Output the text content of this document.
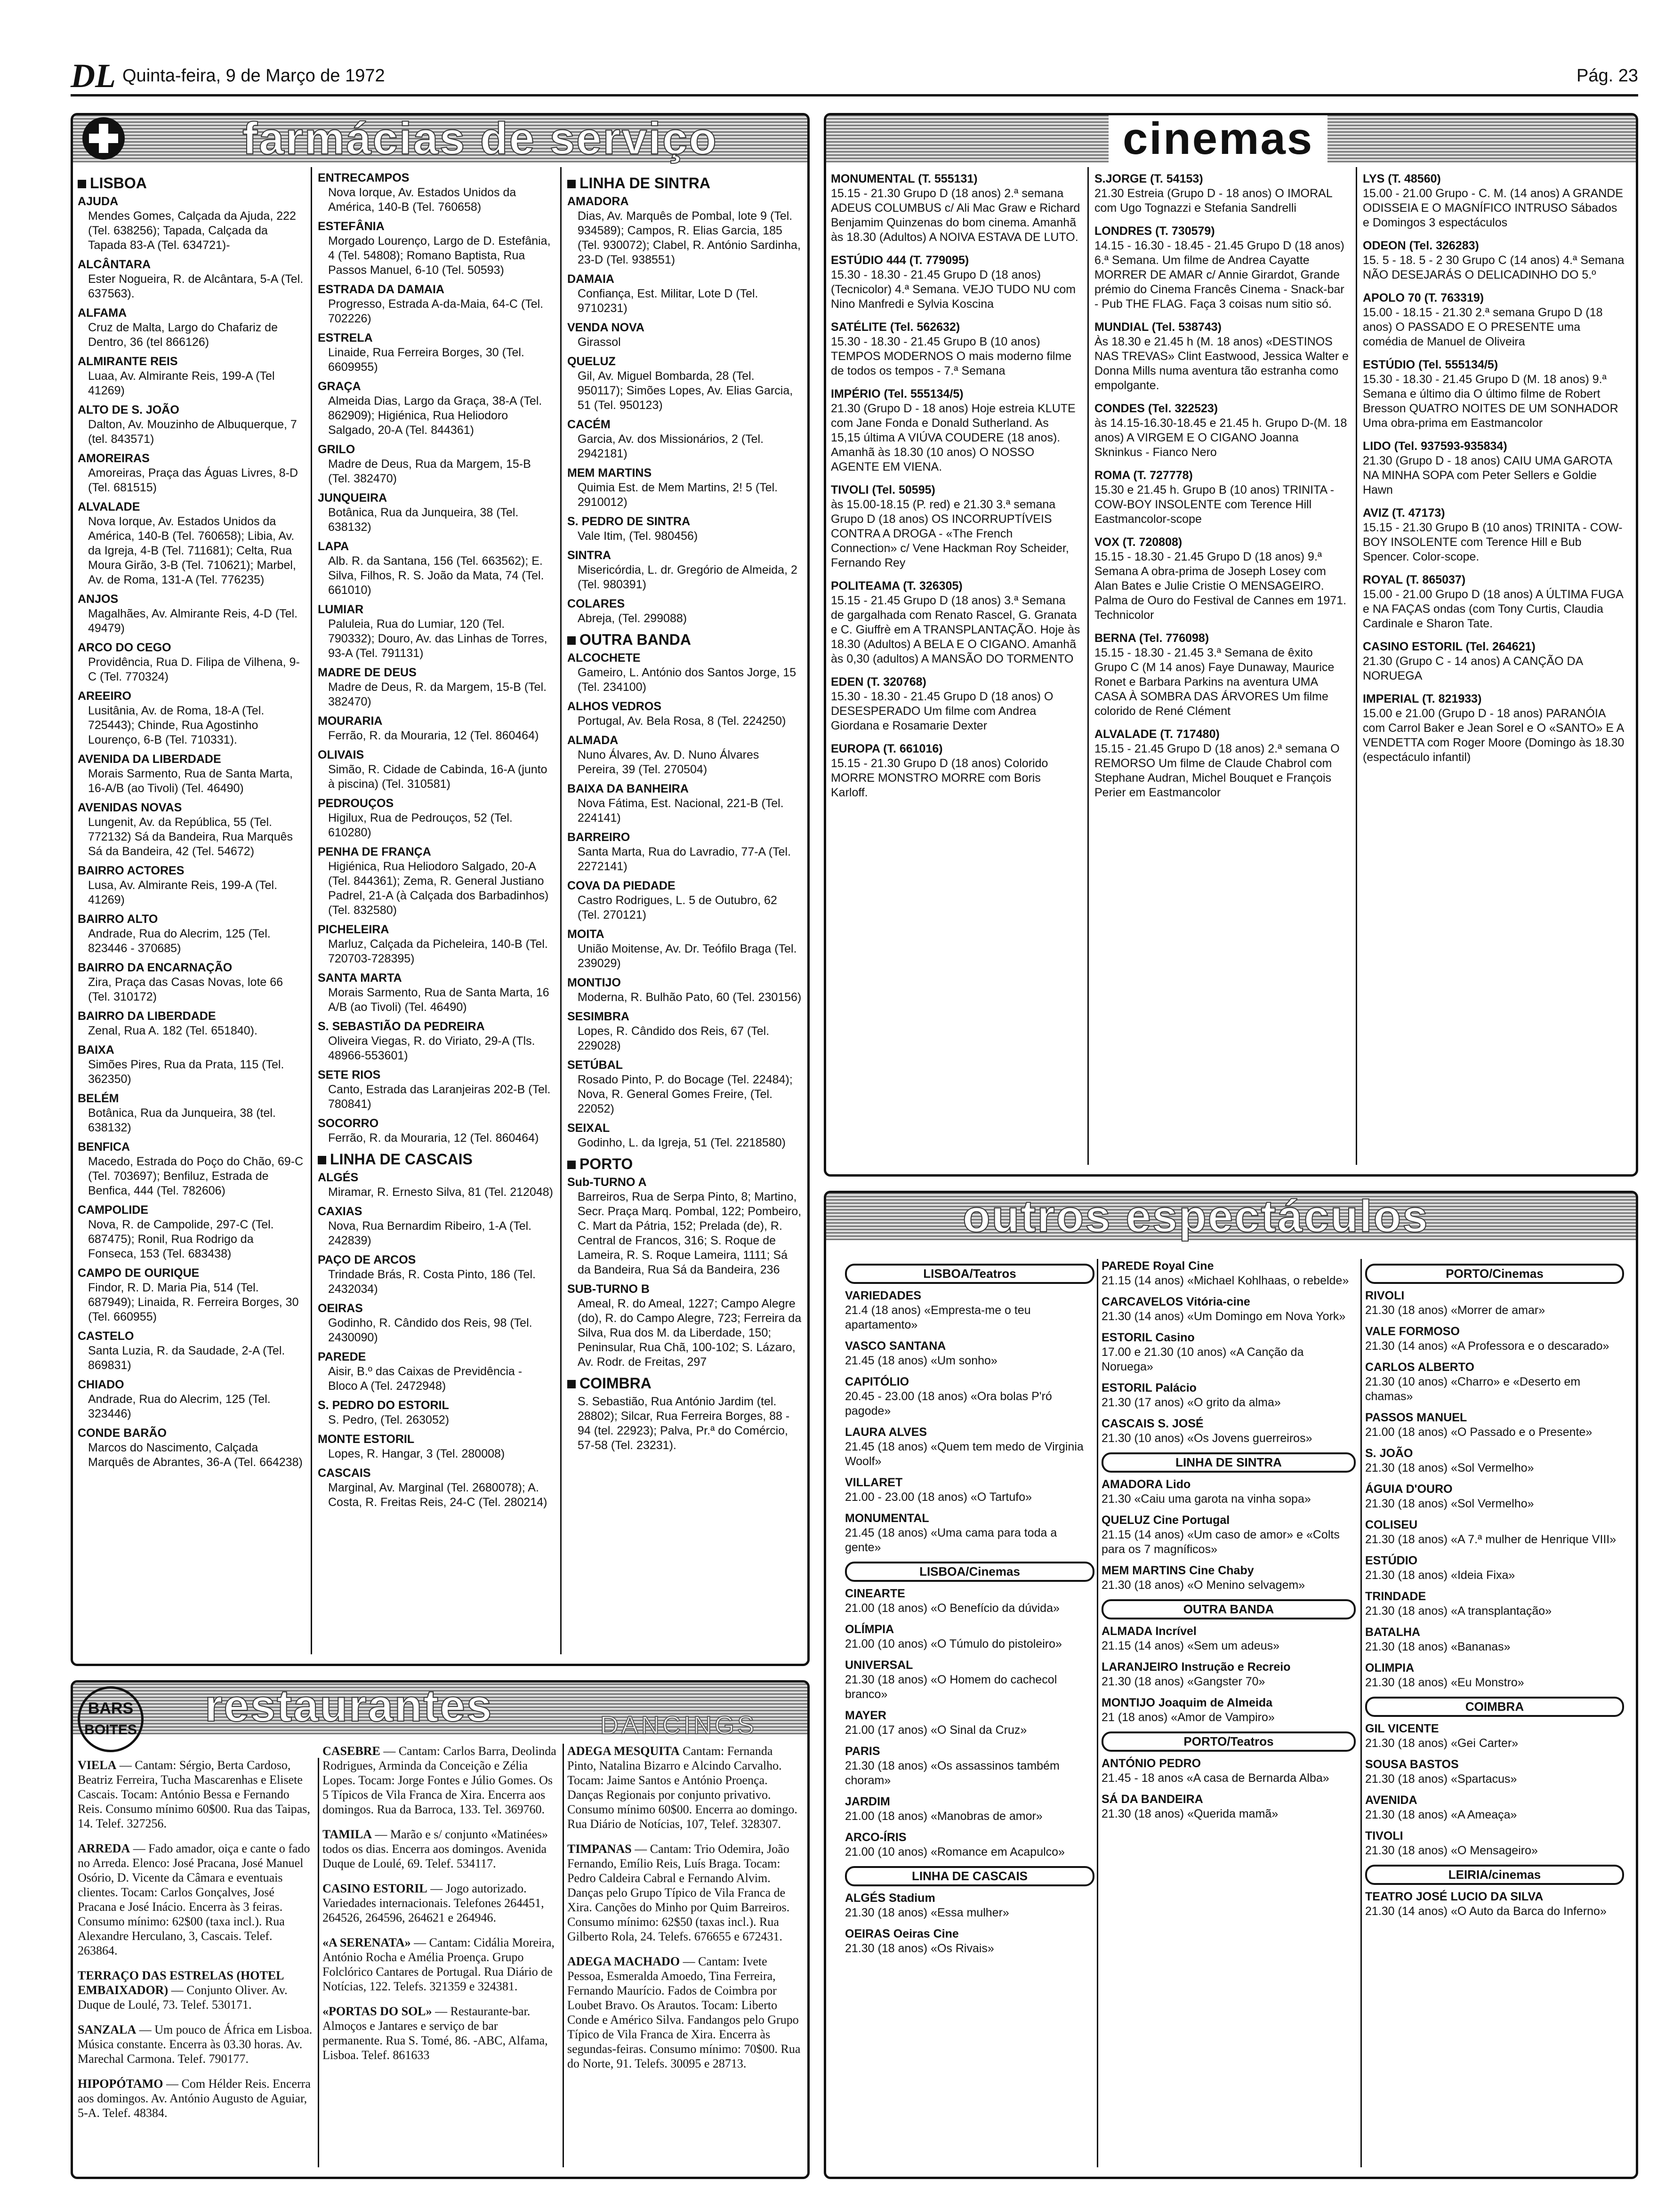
DL Quinta-feira, 9 de Março de 1972	Pág. 23
farmácias de serviço
LISBOA
AJUDA

Mendes Gomes, Calçada da Ajuda, 222 (Tel. 638256); Tapada, Calçada da Tapada 83-A (Tel. 634721)-

ALCÂNTARA

Ester Nogueira, R. de Alcântara, 5-A (Tel. 637563).

ALFAMA

Cruz de Malta, Largo do Chafariz de Dentro, 36 (tel 866126)

ALMIRANTE REIS

Luaa, Av. Almirante Reis, 199-A (Tel 41269)

ALTO DE S. JOÃO

Dalton, Av. Mouzinho de Albuquerque, 7 (tel. 843571)

AMOREIRAS

Amoreiras, Praça das Águas Livres, 8-D (Tel. 681515)

ALVALADE

Nova Iorque, Av. Estados Unidos da América, 140-B (Tel. 760658); Libia, Av. da Igreja, 4-B (Tel. 711681); Celta, Rua Moura Girão, 3-B (Tel. 710621); Marbel, Av. de Roma, 131-A (Tel. 776235)

ANJOS

Magalhães, Av. Almirante Reis, 4-D (Tel. 49479)

ARCO DO CEGO

Providência, Rua D. Filipa de Vilhena, 9-C (Tel. 770324)

AREEIRO

Lusitânia, Av. de Roma, 18-A (Tel. 725443); Chinde, Rua Agostinho Lourenço, 6-B (Tel. 710331).

AVENIDA DA LIBERDADE

Morais Sarmento, Rua de Santa Marta, 16-A/B (ao Tivoli) (Tel. 46490)

AVENIDAS NOVAS

Lungenit, Av. da República, 55 (Tel. 772132) Sá da Bandeira, Rua Marquês Sá da Bandeira, 42 (Tel. 54672)

BAIRRO ACTORES

Lusa, Av. Almirante Reis, 199-A (Tel. 41269)

BAIRRO ALTO

Andrade, Rua do Alecrim, 125 (Tel. 823446 - 370685)

BAIRRO DA ENCARNAÇÃO

Zira, Praça das Casas Novas, lote 66 (Tel. 310172)

BAIRRO DA LIBERDADE

Zenal, Rua A. 182 (Tel. 651840).

BAIXA

Simões Pires, Rua da Prata, 115 (Tel. 362350)

BELÉM

Botânica, Rua da Junqueira, 38 (tel. 638132)

BENFICA

Macedo, Estrada do Poço do Chão, 69-C (Tel. 703697); Benfiluz, Estrada de Benfica, 444 (Tel. 782606)

CAMPOLIDE

Nova, R. de Campolide, 297-C (Tel. 687475); Ronil, Rua Rodrigo da Fonseca, 153 (Tel. 683438)

CAMPO DE OURIQUE

Findor, R. D. Maria Pia, 514 (Tel. 687949); Linaida, R. Ferreira Borges, 30 (Tel. 660955)

CASTELO

Santa Luzia, R. da Saudade, 2-A (Tel. 869831)

CHIADO

Andrade, Rua do Alecrim, 125 (Tel. 323446)

CONDE BARÃO

Marcos do Nascimento, Calçada Marquês de Abrantes, 36-A (Tel. 664238)

ENTRECAMPOS

Nova Iorque, Av. Estados Unidos da América, 140-B (Tel. 760658)

ESTEFÂNIA

Morgado Lourenço, Largo de D. Estefânia, 4 (Tel. 54808); Romano Baptista, Rua Passos Manuel, 6-10 (Tel. 50593)

ESTRADA DA DAMAIA

Progresso, Estrada A-da-Maia, 64-C (Tel. 702226)

ESTRELA

Linaide, Rua Ferreira Borges, 30 (Tel. 6609955)

GRAÇA

Almeida Dias, Largo da Graça, 38-A (Tel. 862909); Higiénica, Rua Heliodoro Salgado, 20-A (Tel. 844361)

GRILO

Madre de Deus, Rua da Margem, 15-B (Tel. 382470)

JUNQUEIRA

Botânica, Rua da Junqueira, 38 (Tel. 638132)

LAPA

Alb. R. da Santana, 156 (Tel. 663562); E. Silva, Filhos, R. S. João da Mata, 74 (Tel. 661010)

LUMIAR

Paluleia, Rua do Lumiar, 120 (Tel. 790332); Douro, Av. das Linhas de Torres, 93-A (Tel. 791131)

MADRE DE DEUS

Madre de Deus, R. da Margem, 15-B (Tel. 382470)

MOURARIA

Ferrão, R. da Mouraria, 12 (Tel. 860464)

OLIVAIS

Simão, R. Cidade de Cabinda, 16-A (junto à piscina) (Tel. 310581)

PEDROUÇOS

Higilux, Rua de Pedrouços, 52 (Tel. 610280)

PENHA DE FRANÇA

Higiénica, Rua Heliodoro Salgado, 20-A (Tel. 844361); Zema, R. General Justiano Padrel, 21-A (à Calçada dos Barbadinhos) (Tel. 832580)

PICHELEIRA

Marluz, Calçada da Picheleira, 140-B (Tel. 720703-728395)

SANTA MARTA

Morais Sarmento, Rua de Santa Marta, 16 A/B (ao Tivoli) (Tel. 46490)

S. SEBASTIÃO DA PEDREIRA

Oliveira Viegas, R. do Viriato, 29-A (Tls. 48966-553601)

SETE RIOS

Canto, Estrada das Laranjeiras 202-B (Tel. 780841)

SOCORRO

Ferrão, R. da Mouraria, 12 (Tel. 860464)

LINHA DE CASCAIS
ALGÉS

Miramar, R. Ernesto Silva, 81 (Tel. 212048)

CAXIAS

Nova, Rua Bernardim Ribeiro, 1-A (Tel. 242839)

PAÇO DE ARCOS

Trindade Brás, R. Costa Pinto, 186 (Tel. 2432034)

OEIRAS

Godinho, R. Cândido dos Reis, 98 (Tel. 2430090)

PAREDE

Aisir, B.º das Caixas de Previdência - Bloco A (Tel. 2472948)

S. PEDRO DO ESTORIL

S. Pedro, (Tel. 263052)

MONTE ESTORIL

Lopes, R. Hangar, 3 (Tel. 280008)

CASCAIS

Marginal, Av. Marginal (Tel. 2680078); A. Costa, R. Freitas Reis, 24-C (Tel. 280214)

LINHA DE SINTRA
AMADORA

Dias, Av. Marquês de Pombal, lote 9 (Tel. 934589); Campos, R. Elias Garcia, 185 (Tel. 930072); Clabel, R. António Sardinha, 23-D (Tel. 938551)

DAMAIA

Confiança, Est. Militar, Lote D (Tel. 9710231)

VENDA NOVA

Girassol

QUELUZ

Gil, Av. Miguel Bombarda, 28 (Tel. 950117); Simões Lopes, Av. Elias Garcia, 51 (Tel. 950123)

CACÉM

Garcia, Av. dos Missionários, 2 (Tel. 2942181)

MEM MARTINS

Quimia Est. de Mem Martins, 2! 5 (Tel. 2910012)

S. PEDRO DE SINTRA

Vale Itim, (Tel. 980456)

SINTRA

Misericórdia, L. dr. Gregório de Almeida, 2 (Tel. 980391)

COLARES

Abreja, (Tel. 299088)

OUTRA BANDA
ALCOCHETE

Gameiro, L. António dos Santos Jorge, 15 (Tel. 234100)

ALHOS VEDROS

Portugal, Av. Bela Rosa, 8 (Tel. 224250)

ALMADA

Nuno Álvares, Av. D. Nuno Álvares Pereira, 39 (Tel. 270504)

BAIXA DA BANHEIRA

Nova Fátima, Est. Nacional, 221-B (Tel. 224141)

BARREIRO

Santa Marta, Rua do Lavradio, 77-A (Tel. 2272141)

COVA DA PIEDADE

Castro Rodrigues, L. 5 de Outubro, 62 (Tel. 270121)

MOITA

União Moitense, Av. Dr. Teófilo Braga (Tel. 239029)

MONTIJO

Moderna, R. Bulhão Pato, 60 (Tel. 230156)

SESIMBRA

Lopes, R. Cândido dos Reis, 67 (Tel. 229028)

SETÚBAL

Rosado Pinto, P. do Bocage (Tel. 22484); Nova, R. General Gomes Freire, (Tel. 22052)

SEIXAL

Godinho, L. da Igreja, 51 (Tel. 2218580)

PORTO
Sub-TURNO A

Barreiros, Rua de Serpa Pinto, 8; Martino, Secr. Praça Marq. Pombal, 122; Pombeiro, C. Mart da Pátria, 152; Prelada (de), R. Central de Francos, 316; S. Roque de Lameira, R. S. Roque Lameira, 1111; Sá da Bandeira, Rua Sá da Bandeira, 236

SUB-TURNO B

Ameal, R. do Ameal, 1227; Campo Alegre (do), R. do Campo Alegre, 723; Ferreira da Silva, Rua dos M. da Liberdade, 150; Peninsular, Rua Chã, 100-102; S. Lázaro, Av. Rodr. de Freitas, 297

COIMBRA

S. Sebastião, Rua António Jardim (tel. 28802); Silcar, Rua Ferreira Borges, 88 - 94 (tel. 22923); Palva, Pr.ª do Comércio, 57-58 (Tel. 23231).

cinemas
MONUMENTAL (T. 555131)
15.15 - 21.30 Grupo D (18 anos) 2.ª semana ADEUS COLUMBUS c/ Ali Mac Graw e Richard Benjamim Quinzenas do bom cinema. Amanhã às 18.30 (Adultos) A NOIVA ESTAVA DE LUTO.
ESTÚDIO 444 (T. 779095)
15.30 - 18.30 - 21.45 Grupo D (18 anos) (Tecnicolor) 4.ª Semana. VEJO TUDO NU com Nino Manfredi e Sylvia Koscina
SATÉLITE (Tel. 562632)
15.30 - 18.30 - 21.45 Grupo B (10 anos) TEMPOS MODERNOS O mais moderno filme de todos os tempos - 7.ª Semana
IMPÉRIO (Tel. 555134/5)
21.30 (Grupo D - 18 anos) Hoje estreia KLUTE com Jane Fonda e Donald Sutherland. As 15,15 última A VIÚVA COUDERE (18 anos). Amanhã às 18.30 (10 anos) O NOSSO AGENTE EM VIENA.
TIVOLI (Tel. 50595)
às 15.00-18.15 (P. red) e 21.30 3.ª semana Grupo D (18 anos) OS INCORRUPTÍVEIS CONTRA A DROGA - «The French Connection» c/ Vene Hackman Roy Scheider, Fernando Rey
POLITEAMA (T. 326305)
15.15 - 21.45 Grupo D (18 anos) 3.ª Semana de gargalhada com Renato Rascel, G. Granata e C. Giuffrè em A TRANSPLANTAÇÃO. Hoje às 18.30 (Adultos) A BELA E O CIGANO. Amanhã às 0,30 (adultos) A MANSÃO DO TORMENTO
EDEN (T. 320768)
15.30 - 18.30 - 21.45 Grupo D (18 anos) O DESESPERADO Um filme com Andrea Giordana e Rosamarie Dexter
EUROPA (T. 661016)
15.15 - 21.30 Grupo D (18 anos) Colorido MORRE MONSTRO MORRE com Boris Karloff.
S.JORGE (T. 54153)
21.30 Estreia (Grupo D - 18 anos) O IMORAL com Ugo Tognazzi e Stefania Sandrelli
LONDRES (T. 730579)
14.15 - 16.30 - 18.45 - 21.45 Grupo D (18 anos) 6.ª Semana. Um filme de Andrea Cayatte MORRER DE AMAR c/ Annie Girardot, Grande prémio do Cinema Francês Cinema - Snack-bar - Pub THE FLAG. Faça 3 coisas num sitio só.
MUNDIAL (Tel. 538743)
Às 18.30 e 21.45 h (M. 18 anos) «DESTINOS NAS TREVAS» Clint Eastwood, Jessica Walter e Donna Mills numa aventura tão estranha como empolgante.
CONDES (Tel. 322523)
às 14.15-16.30-18.45 e 21.45 h. Grupo D-(M. 18 anos) A VIRGEM E O CIGANO Joanna Skninkus - Fianco Nero
ROMA (T. 727778)
15.30 e 21.45 h. Grupo B (10 anos) TRINITA - COW-BOY INSOLENTE com Terence Hill Eastmancolor-scope
VOX (T. 720808)
15.15 - 18.30 - 21.45 Grupo D (18 anos) 9.ª Semana A obra-prima de Joseph Losey com Alan Bates e Julie Cristie O MENSAGEIRO. Palma de Ouro do Festival de Cannes em 1971. Technicolor
BERNA (Tel. 776098)
15.15 - 18.30 - 21.45 3.ª Semana de êxito Grupo C (M 14 anos) Faye Dunaway, Maurice Ronet e Barbara Parkins na aventura UMA CASA À SOMBRA DAS ÁRVORES Um filme colorido de René Clément
ALVALADE (T. 717480)
15.15 - 21.45 Grupo D (18 anos) 2.ª semana O REMORSO Um filme de Claude Chabrol com Stephane Audran, Michel Bouquet e François Perier em Eastmancolor
LYS (T. 48560)
15.00 - 21.00 Grupo - C. M. (14 anos) A GRANDE ODISSEIA E O MAGNÍFICO INTRUSO Sábados e Domingos 3 espectáculos
ODEON (Tel. 326283)
15. 5 - 18. 5 - 2 30 Grupo C (14 anos) 4.ª Semana NÃO DESEJARÁS O DELICADINHO DO 5.º
APOLO 70 (T. 763319)
15.00 - 18.15 - 21.30 2.ª semana Grupo D (18 anos) O PASSADO E O PRESENTE uma comédia de Manuel de Oliveira
ESTÚDIO (Tel. 555134/5)
15.30 - 18.30 - 21.45 Grupo D (M. 18 anos) 9.ª Semana e último dia O último filme de Robert Bresson QUATRO NOITES DE UM SONHADOR Uma obra-prima em Eastmancolor
LIDO (Tel. 937593-935834)
21.30 (Grupo D - 18 anos) CAIU UMA GAROTA NA MINHA SOPA com Peter Sellers e Goldie Hawn
AVIZ (T. 47173)
15.15 - 21.30 Grupo B (10 anos) TRINITA - COW-BOY INSOLENTE com Terence Hill e Bub Spencer. Color-scope.
ROYAL (T. 865037)
15.00 - 21.00 Grupo D (18 anos) A ÚLTIMA FUGA e NA FAÇAS ondas (com Tony Curtis, Claudia Cardinale e Sharon Tate.
CASINO ESTORIL (Tel. 264621)
21.30 (Grupo C - 14 anos) A CANÇÃO DA NORUEGA
IMPERIAL (T. 821933)
15.00 e 21.00 (Grupo D - 18 anos) PARANÓIA com Carrol Baker e Jean Sorel e O «SANTO» E A VENDETTA com Roger Moore (Domingo às 18.30 (espectáculo infantil)
outros espectáculos
LISBOA/Teatros
VARIEDADES
21.4 (18 anos) «Empresta-me o teu apartamento»
VASCO SANTANA
21.45 (18 anos) «Um sonho»
CAPITÓLIO
20.45 - 23.00 (18 anos) «Ora bolas P'ró pagode»
LAURA ALVES
21.45 (18 anos) «Quem tem medo de Virginia Woolf»
VILLARET
21.00 - 23.00 (18 anos) «O Tartufo»
MONUMENTAL
21.45 (18 anos) «Uma cama para toda a gente»
LISBOA/Cinemas
CINEARTE
21.00 (18 anos) «O Benefício da dúvida»
OLÍMPIA
21.00 (10 anos) «O Túmulo do pistoleiro»
UNIVERSAL
21.30 (18 anos) «O Homem do cachecol branco»
MAYER
21.00 (17 anos) «O Sinal da Cruz»
PARIS
21.30 (18 anos) «Os assassinos também choram»
JARDIM
21.00 (18 anos) «Manobras de amor»
ARCO-ÍRIS
21.00 (10 anos) «Romance em Acapulco»
LINHA DE CASCAIS
ALGÉS Stadium
21.30 (18 anos) «Essa mulher»
OEIRAS Oeiras Cine
21.30 (18 anos) «Os Rivais»
PAREDE Royal Cine
21.15 (14 anos) «Michael Kohlhaas, o rebelde»
CARCAVELOS Vitória-cine
21.30 (14 anos) «Um Domingo em Nova York»
ESTORIL Casino
17.00 e 21.30 (10 anos) «A Canção da Noruega»
ESTORIL Palácio
21.30 (17 anos) «O grito da alma»
CASCAIS S. JOSÉ
21.30 (10 anos) «Os Jovens guerreiros»
LINHA DE SINTRA
AMADORA Lido
21.30 «Caiu uma garota na vinha sopa»
QUELUZ Cine Portugal
21.15 (14 anos) «Um caso de amor» e «Colts para os 7 magníficos»
MEM MARTINS Cine Chaby
21.30 (18 anos) «O Menino selvagem»
OUTRA BANDA
ALMADA Incrível
21.15 (14 anos) «Sem um adeus»
LARANJEIRO Instrução e Recreio
21.30 (18 anos) «Gangster 70»
MONTIJO Joaquim de Almeida
21 (18 anos) «Amor de Vampiro»
PORTO/Teatros
ANTÓNIO PEDRO
21.45 - 18 anos «A casa de Bernarda Alba»
SÁ DA BANDEIRA
21.30 (18 anos) «Querida mamã»
PORTO/Cinemas
RIVOLI
21.30 (18 anos) «Morrer de amar»
VALE FORMOSO
21.30 (14 anos) «A Professora e o descarado»
CARLOS ALBERTO
21.30 (10 anos) «Charro» e «Deserto em chamas»
PASSOS MANUEL
21.00 (18 anos) «O Passado e o Presente»
S. JOÃO
21.30 (18 anos) «Sol Vermelho»
ÁGUIA D'OURO
21.30 (18 anos) «Sol Vermelho»
COLISEU
21.30 (18 anos) «A 7.ª mulher de Henrique VIII»
ESTÚDIO
21.30 (18 anos) «Ideia Fixa»
TRINDADE
21.30 (18 anos) «A transplantação»
BATALHA
21.30 (18 anos) «Bananas»
OLIMPIA
21.30 (18 anos) «Eu Monstro»
COIMBRA
GIL VICENTE
21.30 (18 anos) «Gei Carter»
SOUSA BASTOS
21.30 (18 anos) «Spartacus»
AVENIDA
21.30 (18 anos) «A Ameaça»
TIVOLI
21.30 (18 anos) «O Mensageiro»
LEIRIA/cinemas
TEATRO JOSÉ LUCIO DA SILVA
21.30 (14 anos) «O Auto da Barca do Inferno»
restaurantes
BARS
BOITES

VIELA — Cantam: Sérgio, Berta Cardoso, Beatriz Ferreira, Tucha Mascarenhas e Elisete Cascais. Tocam: António Bessa e Fernando Reis. Consumo mínimo 60$00. Rua das Taipas, 14. Telef. 327256.

ARREDA — Fado amador, oiça e cante o fado no Arreda. Elenco: José Pracana, José Manuel Osório, D. Vicente da Câmara e eventuais clientes. Tocam: Carlos Gonçalves, José Pracana e José Inácio. Encerra às 3 feiras. Consumo mínimo: 62$00 (taxa incl.). Rua Alexandre Herculano, 3, Cascais. Telef. 263864.

TERRAÇO DAS ESTRELAS (HOTEL EMBAIXADOR) — Conjunto Oliver. Av. Duque de Loulé, 73. Telef. 530171.

SANZALA — Um pouco de África em Lisboa. Música constante. Encerra às 03.30 horas. Av. Marechal Carmona. Telef. 790177.

HIPOPÓTAMO — Com Hélder Reis. Encerra aos domingos. Av. António Augusto de Aguiar, 5-A. Telef. 48384.

CASEBRE — Cantam: Carlos Barra, Deolinda Rodrigues, Arminda da Conceição e Zélia Lopes. Tocam: Jorge Fontes e Júlio Gomes. Os 5 Típicos de Vila Franca de Xira. Encerra aos domingos. Rua da Barroca, 133. Tel. 369760.

TAMILA — Marão e s/ conjunto «Matinées» todos os dias. Encerra aos domingos. Avenida Duque de Loulé, 69. Telef. 534117.

CASINO ESTORIL — Jogo autorizado. Variedades internacionais. Telefones 264451, 264526, 264596, 264621 e 264946.

«A SERENATA» — Cantam: Cidália Moreira, António Rocha e Amélia Proença. Grupo Folclórico Cantares de Portugal. Rua Diário de Notícias, 122. Telefs. 321359 e 324381.

«PORTAS DO SOL» — Restaurante-bar. Almoços e Jantares e serviço de bar permanente. Rua S. Tomé, 86. -ABC, Alfama, Lisboa. Telef. 861633

ADEGA MESQUITA Cantam: Fernanda Pinto, Natalina Bizarro e Alcindo Carvalho. Tocam: Jaime Santos e António Proença. Danças Regionais por conjunto privativo. Consumo mínimo 60$00. Encerra ao domingo. Rua Diário de Notícias, 107, Telef. 328307.

TIMPANAS — Cantam: Trio Odemira, João Fernando, Emílio Reis, Luís Braga. Tocam: Pedro Caldeira Cabral e Fernando Alvim. Danças pelo Grupo Típico de Vila Franca de Xira. Canções do Minho por Quim Barreiros. Consumo mínimo: 62$50 (taxas incl.). Rua Gilberto Rola, 24. Telefs. 676655 e 672431.

ADEGA MACHADO — Cantam: Ivete Pessoa, Esmeralda Amoedo, Tina Ferreira, Fernando Maurício. Fados de Coimbra por Loubet Bravo. Os Arautos. Tocam: Liberto Conde e Américo Silva. Fandangos pelo Grupo Típico de Vila Franca de Xira. Encerra às segundas-feiras. Consumo mínimo: 70$00. Rua do Norte, 91. Telefs. 30095 e 28713.

DANCINGS
